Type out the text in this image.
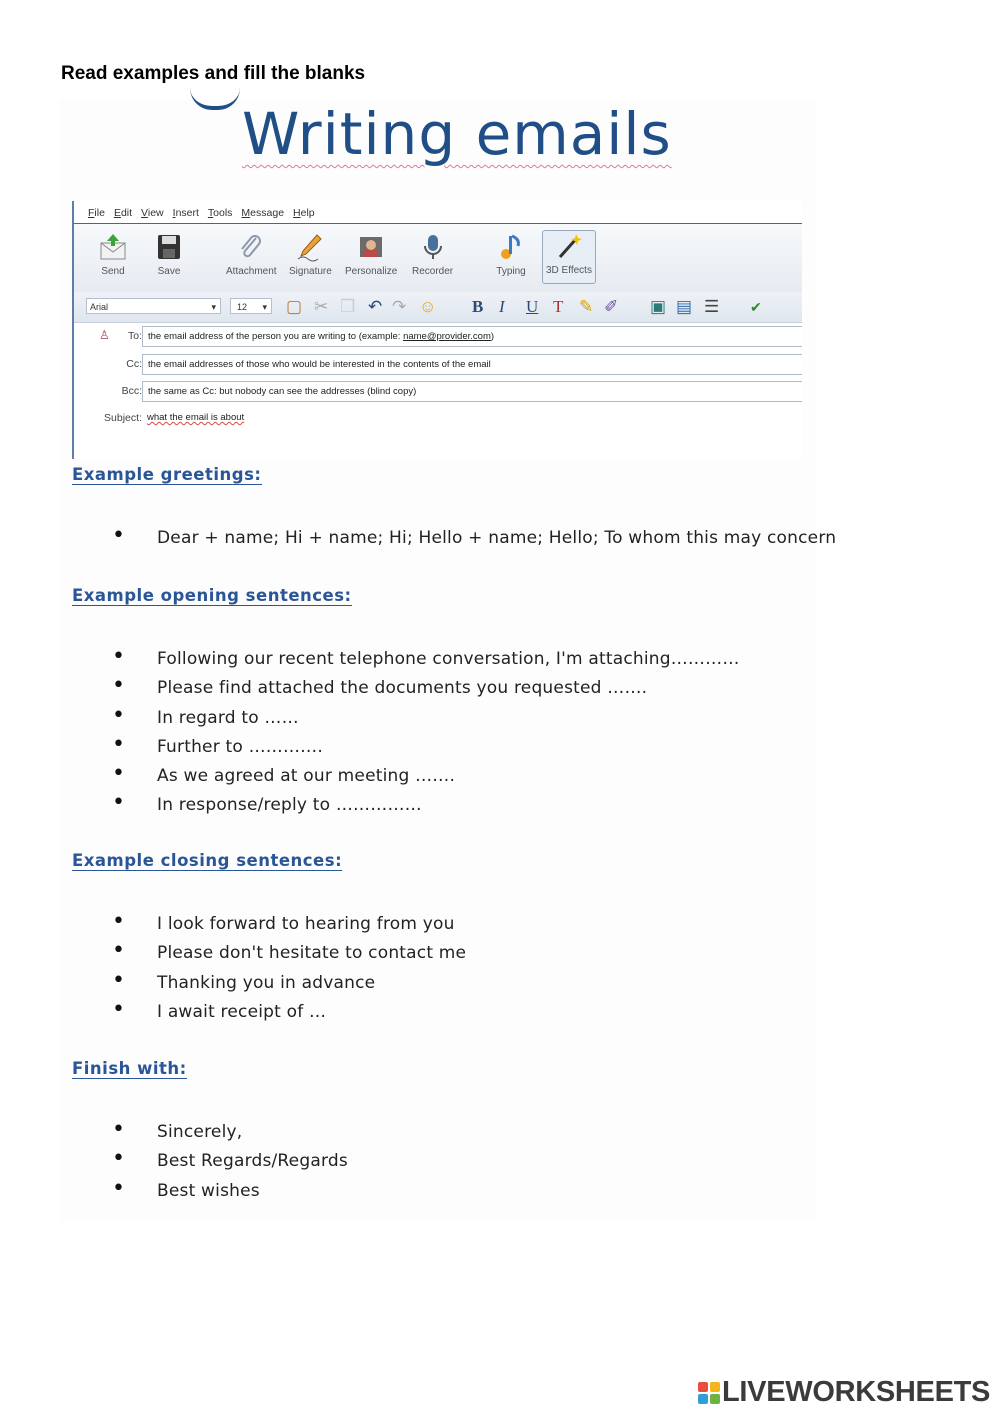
Read examples and fill the blanks
Writing emails
File Edit View Insert Tools Message Help
Send	Save	Attachment Signature Personalize Recorder	Typing	3D Effects
Arial	▾	12 ▾ ▢ ✂ ❐ ↶ ↷ ☺ B I U T ✎ ✐ ▣ ▤ ☰ ✔
♙ To: the email address of the person you are writing to (example: name@provider.com)
Cc: the email addresses of those who would be interested in the contents of the email
Bcc: the same as Cc: but nobody can see the addresses (blind copy)
Subject: what the email is about
Example greetings:
• Dear + name; Hi + name; Hi; Hello + name; Hello; To whom this may concern
Example opening sentences:
• Following our recent telephone conversation, I'm attaching…………
• Please find attached the documents you requested …….
• In regard to ……
• Further to ………….
• As we agreed at our meeting …….
• In response/reply to ……………
Example closing sentences:
• I look forward to hearing from you
• Please don't hesitate to contact me
• Thanking you in advance
• I await receipt of …
Finish with:
• Sincerely,
• Best Regards/Regards
• Best wishes
LIVEWORKSHEETS
